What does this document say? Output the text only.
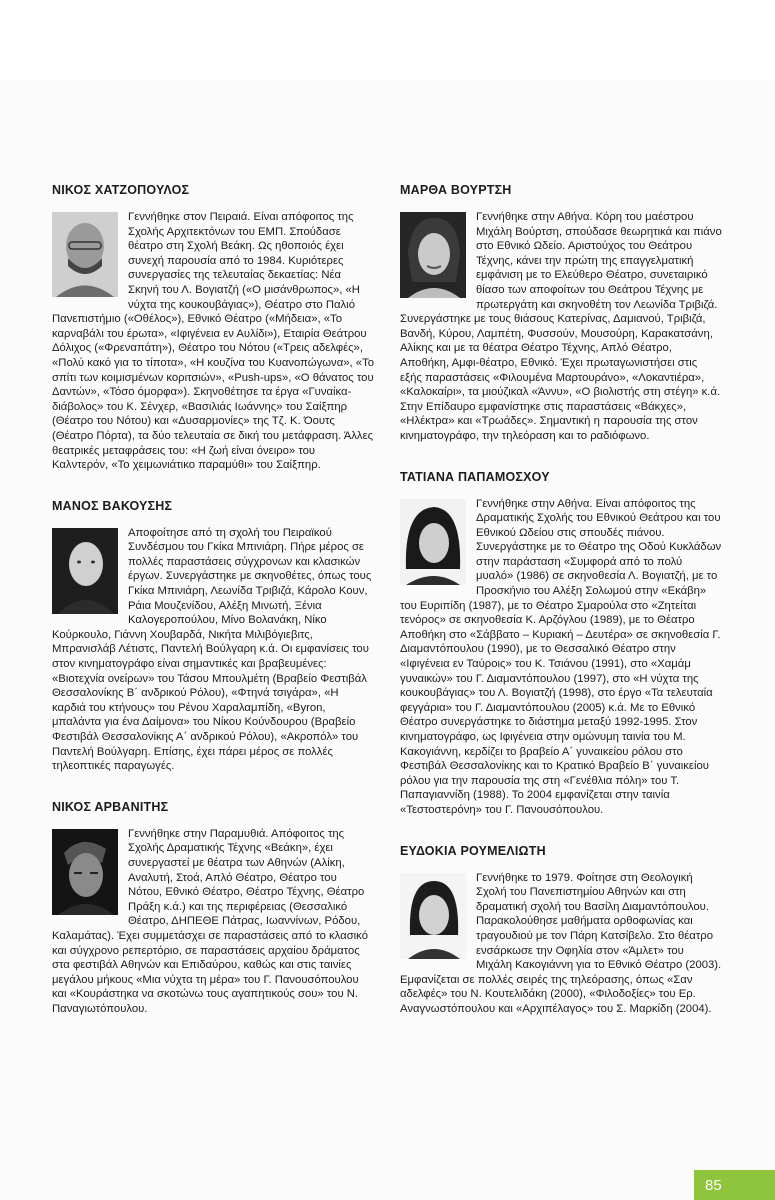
ΝΙΚΟΣ ΧΑΤΖΟΠΟΥΛΟΣ
Γεννήθηκε στον Πειραιά. Είναι απόφοιτος της Σχολής Αρχιτεκτόνων του ΕΜΠ. Σπούδασε θέατρο στη Σχολή Βεάκη. Ως ηθοποιός έχει συνεχή παρουσία από το 1984. Κυριότερες συνεργασίες της τελευταίας δεκαετίας: Νέα Σκηνή του Λ. Βογιατζή («Ο μισάνθρωπος», «Η νύχτα της κουκουβάγιας»), Θέατρο στο Παλιό Πανεπιστήμιο («Οθέλος»), Εθνικό Θέατρο («Μήδεια», «Το καρναβάλι του έρωτα», «Ιφιγένεια εν Αυλίδι»), Εταιρία Θεάτρου Δόλιχος («Φρεναπάτη»), Θέατρο του Νότου («Τρεις αδελφές», «Πολύ κακό για το τίποτα», «Η κουζίνα του Κυανοπώγωνα», «Το σπίτι των κοιμισμένων κοριτσιών», «Push-ups», «Ο θάνατος του Δαντών», «Τόσο όμορφα»). Σκηνοθέτησε τα έργα «Γυναίκα-διάβολος» του Κ. Σένχερ, «Βασιλιάς Ιωάννης» του Σαίξπηρ (Θέατρο του Νότου) και «Δυσαρμονίες» της Τζ. Κ. Όουτς (Θέατρο Πόρτα), τα δύο τελευταία σε δική του μετάφραση. Άλλες θεατρικές μεταφράσεις του: «Η ζωή είναι όνειρο» του Καλντερόν, «Το χειμωνιάτικο παραμύθι» του Σαίξπηρ.
ΜΑΝΟΣ ΒΑΚΟΥΣΗΣ
Αποφοίτησε από τη σχολή του Πειραϊκού Συνδέσμου του Γκίκα Μπινιάρη. Πήρε μέρος σε πολλές παραστάσεις σύγχρονων και κλασικών έργων. Συνεργάστηκε με σκηνοθέτες, όπως τους Γκίκα Μπινιάρη, Λεωνίδα Τριβιζά, Κάρολο Κουν, Ράια Μουζενίδου, Αλέξη Μινωτή, Ξένια Καλογεροπούλου, Μίνο Βολανάκη, Νίκο Κούρκουλο, Γιάννη Χουβαρδά, Νικήτα Μιλιβόγιεβιτς, Μπρανισλάβ Λέτιστς, Παντελή Βούλγαρη κ.ά. Οι εμφανίσεις του στον κινηματογράφο είναι σημαντικές και βραβευμένες: «Βιοτεχνία ονείρων» του Τάσου Μπουλμέτη (Βραβείο Φεστιβάλ Θεσσαλονίκης Β΄ ανδρικού Ρόλου), «Φτηνά τσιγάρα», «Η καρδιά του κτήνους» του Ρένου Χαραλαμπίδη, «Byron, μπαλάντα για ένα Δαίμονα» του Νίκου Κούνδουρου (Βραβείο Φεστιβάλ Θεσσαλονίκης Α΄ ανδρικού Ρόλου), «Ακροπόλ» του Παντελή Βούλγαρη. Επίσης, έχει πάρει μέρος σε πολλές τηλεοπτικές παραγωγές.
ΝΙΚΟΣ ΑΡΒΑΝΙΤΗΣ
Γεννήθηκε στην Παραμυθιά. Απόφοιτος της Σχολής Δραματικής Τέχνης «Βεάκη», έχει συνεργαστεί με θέατρα των Αθηνών (Αλίκη, Αναλυτή, Στοά, Απλό Θέατρο, Θέατρο του Νότου, Εθνικό Θέατρο, Θέατρο Τέχνης, Θέατρο Πράξη κ.ά.) και της περιφέρειας (Θεσσαλικό Θέατρο, ΔΗΠΕΘΕ Πάτρας, Ιωαννίνων, Ρόδου, Καλαμάτας). Έχει συμμετάσχει σε παραστάσεις από το κλασικό και σύγχρονο ρεπερτόριο, σε παραστάσεις αρχαίου δράματος στα φεστιβάλ Αθηνών και Επιδαύρου, καθώς και στις ταινίες μεγάλου μήκους «Μια νύχτα τη μέρα» του Γ. Πανουσόπουλου και «Κουράστηκα να σκοτώνω τους αγαπητικούς σου» του Ν. Παναγιωτόπουλου.
ΜΑΡΘΑ ΒΟΥΡΤΣΗ
Γεννήθηκε στην Αθήνα. Κόρη του μαέστρου Μιχάλη Βούρτση, σπούδασε θεωρητικά και πιάνο στο Εθνικό Ωδείο. Αριστούχος του Θεάτρου Τέχνης, κάνει την πρώτη της επαγγελματική εμφάνιση με το Ελεύθερο Θέατρο, συνεταιρικό θίασο των αποφοίτων του Θεάτρου Τέχνης με πρωτεργάτη και σκηνοθέτη τον Λεωνίδα Τριβιζά. Συνεργάστηκε με τους θιάσους Κατερίνας, Δαμιανού, Τριβιζά, Βανδή, Κύρου, Λαμπέτη, Φυσσούν, Μουσούρη, Καρακατσάνη, Αλίκης και με τα θέατρα Θέατρο Τέχνης, Απλό Θέατρο, Αποθήκη, Αμφι-θέατρο, Εθνικό. Έχει πρωταγωνιστήσει στις εξής παραστάσεις «Φιλουμένα Μαρτουράνο», «Λοκαντιέρα», «Καλοκαίρι», τα μιούζικαλ «Άννυ», «Ο βιολιστής στη στέγη» κ.ά. Στην Επίδαυρο εμφανίστηκε στις παραστάσεις «Βάκχες», «Ηλέκτρα» και «Τρωάδες». Σημαντική η παρουσία της στον κινηματογράφο, την τηλεόραση και το ραδιόφωνο.
ΤΑΤΙΑΝΑ ΠΑΠΑΜΟΣΧΟΥ
Γεννήθηκε στην Αθήνα. Είναι απόφοιτος της Δραματικής Σχολής του Εθνικού Θεάτρου και του Εθνικού Ωδείου στις σπουδές πιάνου. Συνεργάστηκε με το Θέατρο της Οδού Κυκλάδων στην παράσταση «Συμφορά από το πολύ μυαλό» (1986) σε σκηνοθεσία Λ. Βογιατζή, με το Προσκήνιο του Αλέξη Σολωμού στην «Εκάβη» του Ευριπίδη (1987), με το Θέατρο Σμαρούλα στο «Ζητείται τενόρος» σε σκηνοθεσία Κ. Αρζόγλου (1989), με το Θέατρο Αποθήκη στο «Σάββατο – Κυριακή – Δευτέρα» σε σκηνοθεσία Γ. Διαμαντόπουλου (1990), με το Θεσσαλικό Θέατρο στην «Ιφιγένεια εν Ταύροις» του Κ. Τσιάνου (1991), στο «Χαμάμ γυναικών» του Γ. Διαμαντόπουλου (1997), στο «Η νύχτα της κουκουβάγιας» του Λ. Βογιατζή (1998), στο έργο «Τα τελευταία φεγγάρια» του Γ. Διαμαντόπουλου (2005) κ.ά. Με το Εθνικό Θέατρο συνεργάστηκε το διάστημα μεταξύ 1992-1995. Στον κινηματογράφο, ως Ιφιγένεια στην ομώνυμη ταινία του Μ. Κακογιάννη, κερδίζει το βραβείο Α΄ γυναικείου ρόλου στο Φεστιβάλ Θεσσαλονίκης και το Κρατικό Βραβείο Β΄ γυναικείου ρόλου για την παρουσία της στη «Γενέθλια πόλη» του Τ. Παπαγιαννίδη (1988). Το 2004 εμφανίζεται στην ταινία «Τεστοστερόνη» του Γ. Πανουσόπουλου.
ΕΥΔΟΚΙΑ ΡΟΥΜΕΛΙΩΤΗ
Γεννήθηκε το 1979. Φοίτησε στη Θεολογική Σχολή του Πανεπιστημίου Αθηνών και στη δραματική σχολή του Βασίλη Διαμαντόπουλου. Παρακολούθησε μαθήματα ορθοφωνίας και τραγουδιού με τον Πάρη Κατσίβελο. Στο θέατρο ενσάρκωσε την Οφηλία στον «Άμλετ» του Μιχάλη Κακογιάννη για το Εθνικό Θέατρο (2003). Εμφανίζεται σε πολλές σειρές της τηλεόρασης, όπως «Σαν αδελφές» του Ν. Κουτελιδάκη (2000), «Φιλοδοξίες» του Ερ. Αναγνωστόπουλου και «Αρχιπέλαγος» του Σ. Μαρκίδη (2004).
85
